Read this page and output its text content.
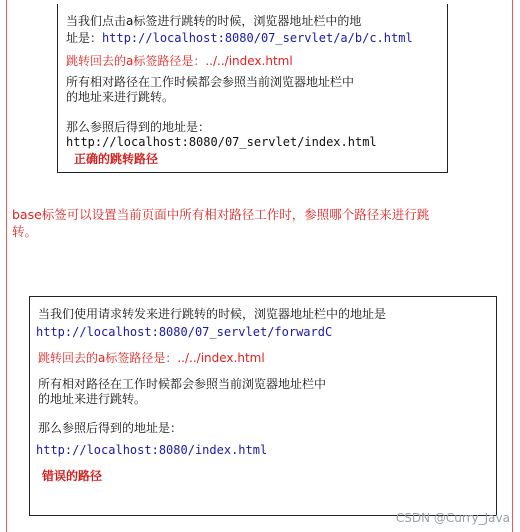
当我们点击a标签进行跳转的时候，浏览器地址栏中的地
址是：http://localhost:8080/07_servlet/a/b/c.html
跳转回去的a标签路径是：../../index.html
所有相对路径在工作时候都会参照当前浏览器地址栏中
的地址来进行跳转。
那么参照后得到的地址是：
http://localhost:8080/07_servlet/index.html
正确的跳转路径
base标签可以设置当前页面中所有相对路径工作时，参照哪个路径来进行跳
转。
当我们使用请求转发来进行跳转的时候，浏览器地址栏中的地址是
http://localhost:8080/07_servlet/forwardC
跳转回去的a标签路径是：../../index.html
所有相对路径在工作时候都会参照当前浏览器地址栏中
的地址来进行跳转。
那么参照后得到的地址是：
http://localhost:8080/index.html
错误的路径
CSDN @Curry_Java
